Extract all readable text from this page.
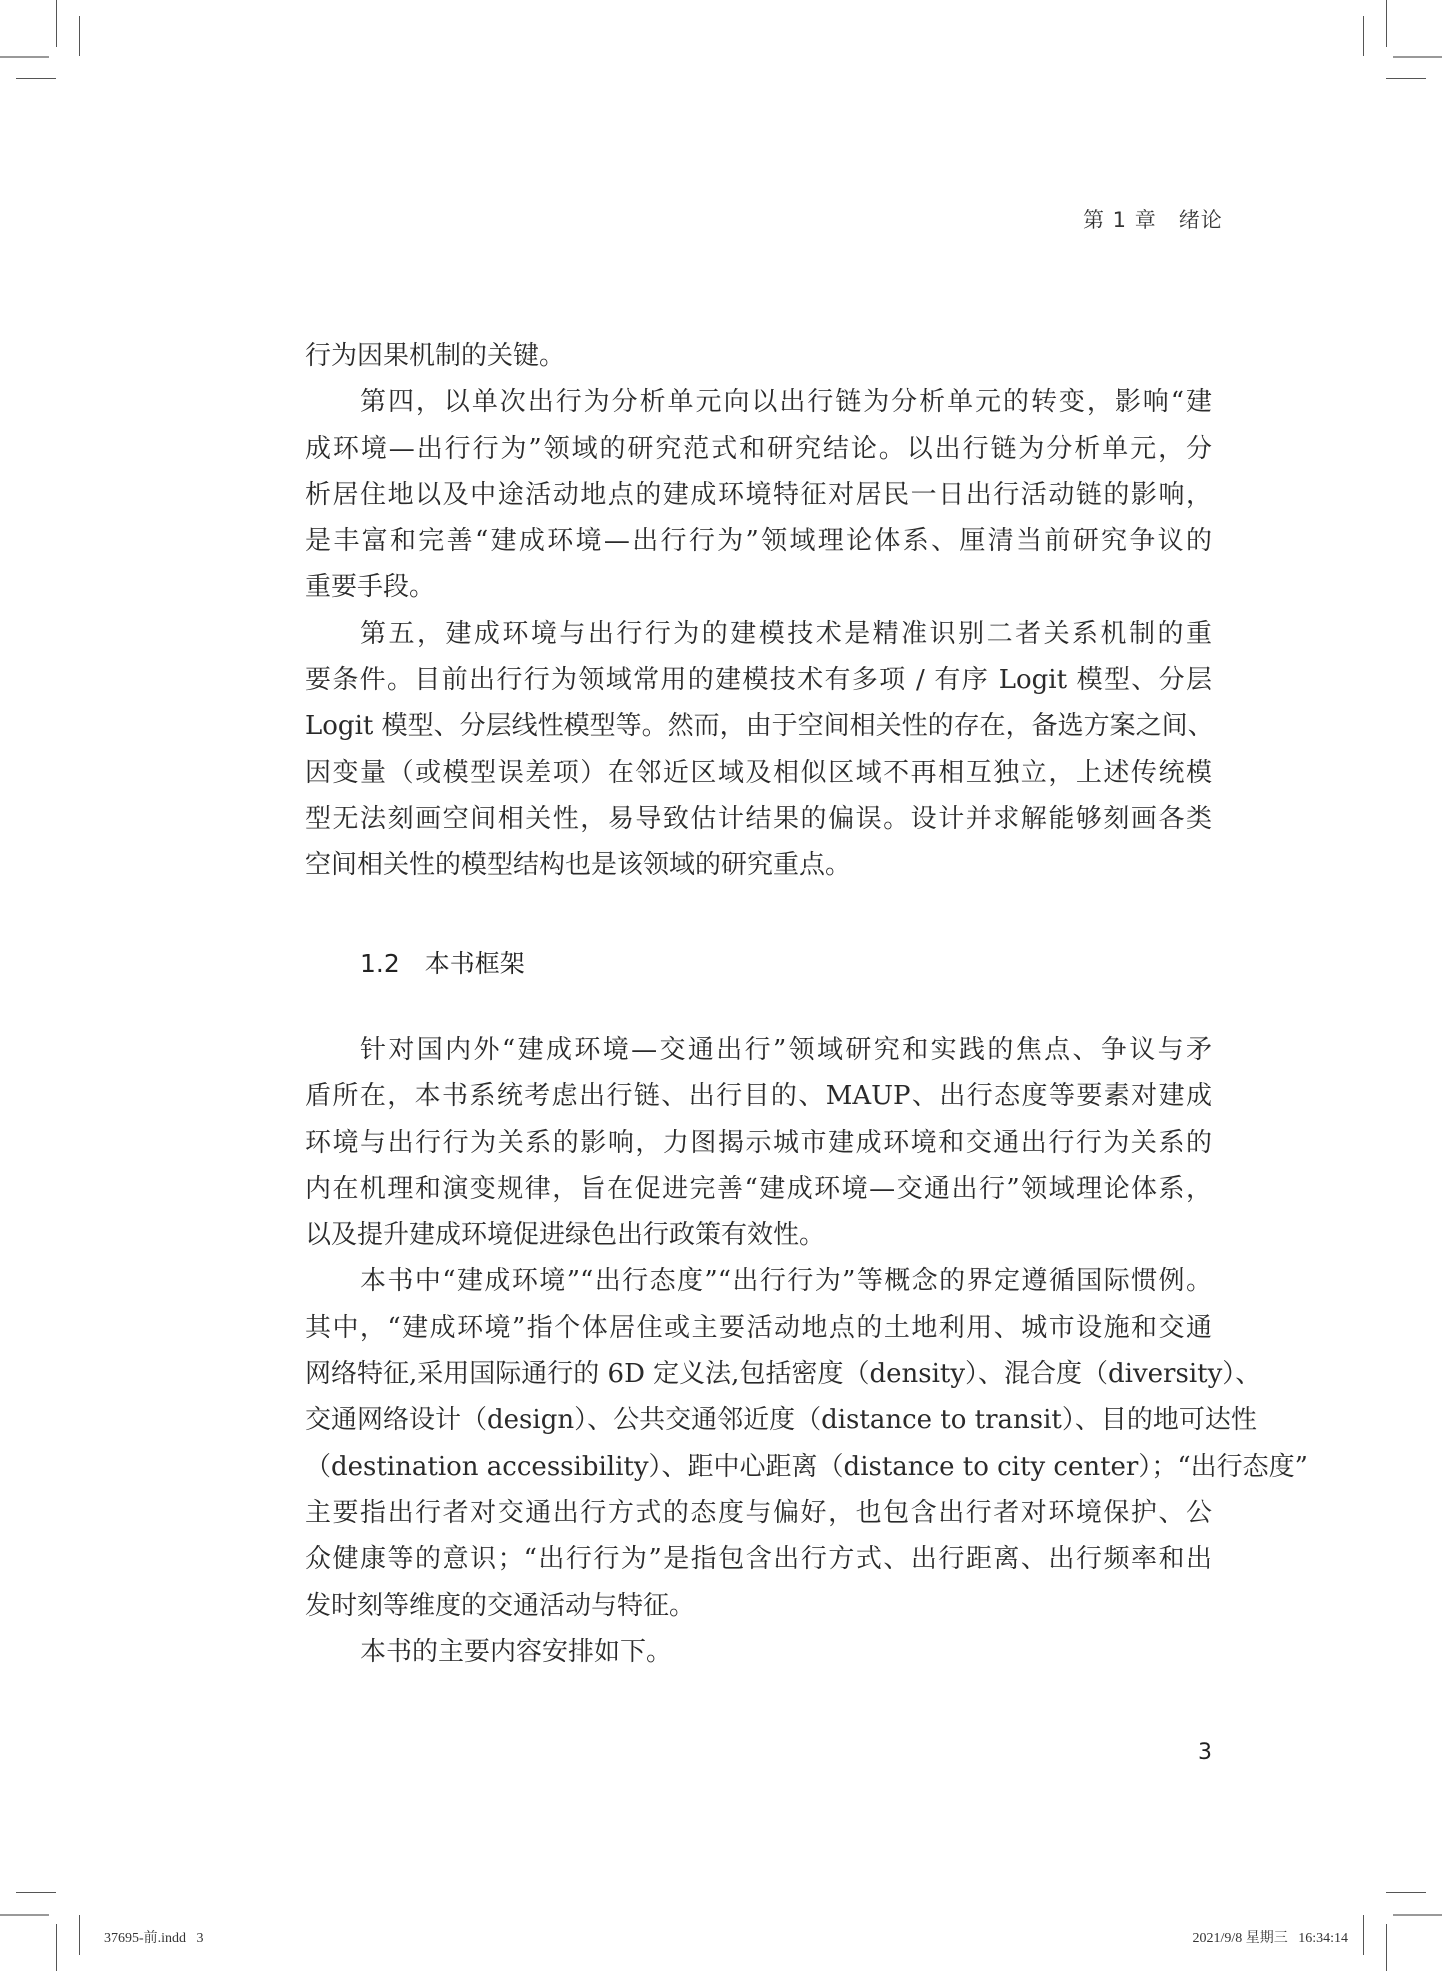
第 1 章　绪论
行为因果机制的关键。
第四，以单次出行为分析单元向以出行链为分析单元的转变，影响“建
成环境—出行行为”领域的研究范式和研究结论。以出行链为分析单元，分
析居住地以及中途活动地点的建成环境特征对居民一日出行活动链的影响，
是丰富和完善“建成环境—出行行为”领域理论体系、厘清当前研究争议的
重要手段。
第五，建成环境与出行行为的建模技术是精准识别二者关系机制的重
要条件。目前出行行为领域常用的建模技术有多项 / 有序 Logit 模型、分层
Logit 模型、分层线性模型等。然而，由于空间相关性的存在，备选方案之间、
因变量（或模型误差项）在邻近区域及相似区域不再相互独立，上述传统模
型无法刻画空间相关性，易导致估计结果的偏误。设计并求解能够刻画各类
空间相关性的模型结构也是该领域的研究重点。
1.2　本书框架
针对国内外“建成环境—交通出行”领域研究和实践的焦点、争议与矛
盾所在，本书系统考虑出行链、出行目的、MAUP、出行态度等要素对建成
环境与出行行为关系的影响，力图揭示城市建成环境和交通出行行为关系的
内在机理和演变规律，旨在促进完善“建成环境—交通出行”领域理论体系，
以及提升建成环境促进绿色出行政策有效性。
本书中“建成环境”“出行态度”“出行行为”等概念的界定遵循国际惯例。
其中，“建成环境”指个体居住或主要活动地点的土地利用、城市设施和交通
网络特征,采用国际通行的 6D 定义法,包括密度（density）、混合度（diversity）、
交通网络设计（design）、公共交通邻近度（distance to transit）、目的地可达性
（destination accessibility）、距中心距离（distance to city center）；“出行态度”
主要指出行者对交通出行方式的态度与偏好，也包含出行者对环境保护、公
众健康等的意识；“出行行为”是指包含出行方式、出行距离、出行频率和出
发时刻等维度的交通活动与特征。
本书的主要内容安排如下。
3
37695-前.indd   3	2021/9/8 星期三   16:34:14
